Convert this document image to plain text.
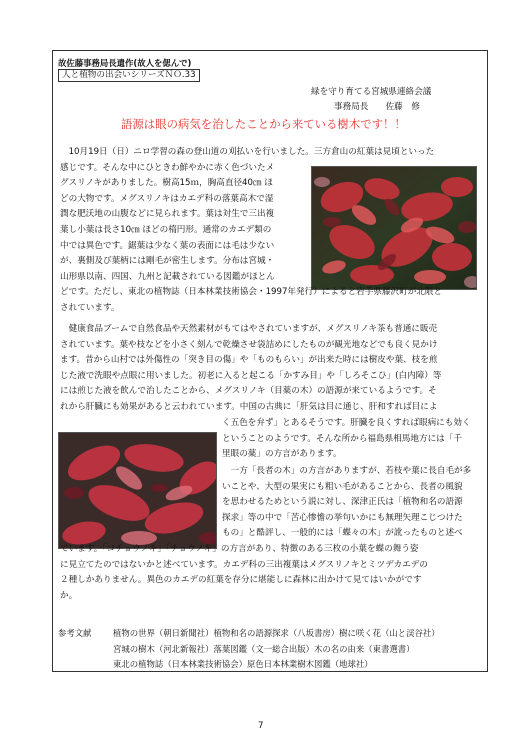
故佐藤事務局長遺作(故人を偲んで)
人と植物の出会いシリーズＮＯ.33
緑を守り育てる宮城県連絡会議
事務局長　　佐藤　修
語源は眼の病気を治したことから来ている樹木です！！
　10月19日（日）ニロ学習の森の登山道の刈払いを行いました。三方倉山の紅葉は見頃といった
感じです。そんな中にひときわ鮮やかに赤く色づいたメ
グスリノキがありました。樹高15ｍ，胸高直径40㎝ ほ
どの大物です。メグスリノキはカエデ科の落葉高木で湿
潤な肥沃地の山腹などに見られます。葉は対生で三出複
葉し小葉は長さ10㎝ ほどの楕円形。通常のカエデ類の
中では異色です。鋸葉は少なく葉の表面には毛は少ない
が、裏側及び葉柄には剛毛が密生します。分布は宮城・
山形県以南、四国、九州と記載されている図鑑がほとん
どです。ただし、東北の植物誌（日本林業技術協会・1997年発行）によると岩手県藤沢町が北限と
されています。
　健康食品ブームで自然食品や天然素材がもてはやされていますが、メグスリノキ茶も普通に販売
されています。葉や枝などを小さく刻んで乾燥させ袋詰めにしたものが観光地などでも良く見かけ
ます。昔から山村では外傷性の「突き目の傷」や「ものもらい」が出来た時には樹皮や葉、枝を煎
じた液で洗眼や点眼に用いました。初老に入ると起こる「かすみ目」や「しろそこひ」(白内障）等
には煎じた液を飲んで治したことから、メグスリノキ（目薬の木）の語源が来ているようです。そ
れから肝臓にも効果があると云われています。中国の古典に「肝気は目に通じ、肝和すれば目によ
く五色を弁ず」とあるそうです。肝臓を良くすれば眼病にも効く
ということのようです。そんな所から福島県相馬地方には「千
里眼の薬」の方言があります。
　一方「長者の木」の方言がありますが、若枝や葉に長自毛が多
いことや、大型の果実にも粗い毛があることから、長者の風貌
を思わせるためという説に対し、深津正氏は「植物和名の語源
探求」等の中で「苦心惨憺の挙句いかにも無理矢理こじつけた
もの」と酷評し、一般的には「蝶々の木」が訛ったものと述べ
ています。「コチョウノキ」「チョウノキ」の方言があり、特徴のある三枚の小葉を蝶の舞う姿
に見立てたのではないかと述べています。カエデ科の三出複葉はメグスリノキとミツデカエデの
２種しかありません。異色のカエデの紅葉を存分に堪能しに森林に出かけて見てはいかがです
か。
参考文献	植物の世界（朝日新聞社）植物和名の語源探求（八坂書房）樹に咲く花（山と渓谷社）
宮城の樹木（河北新報社）落葉図鑑（文一総合出版）木の名の由来（東書選書）
東北の植物誌（日本林業技術協会）原色日本林業樹木図鑑（地球社）
7
